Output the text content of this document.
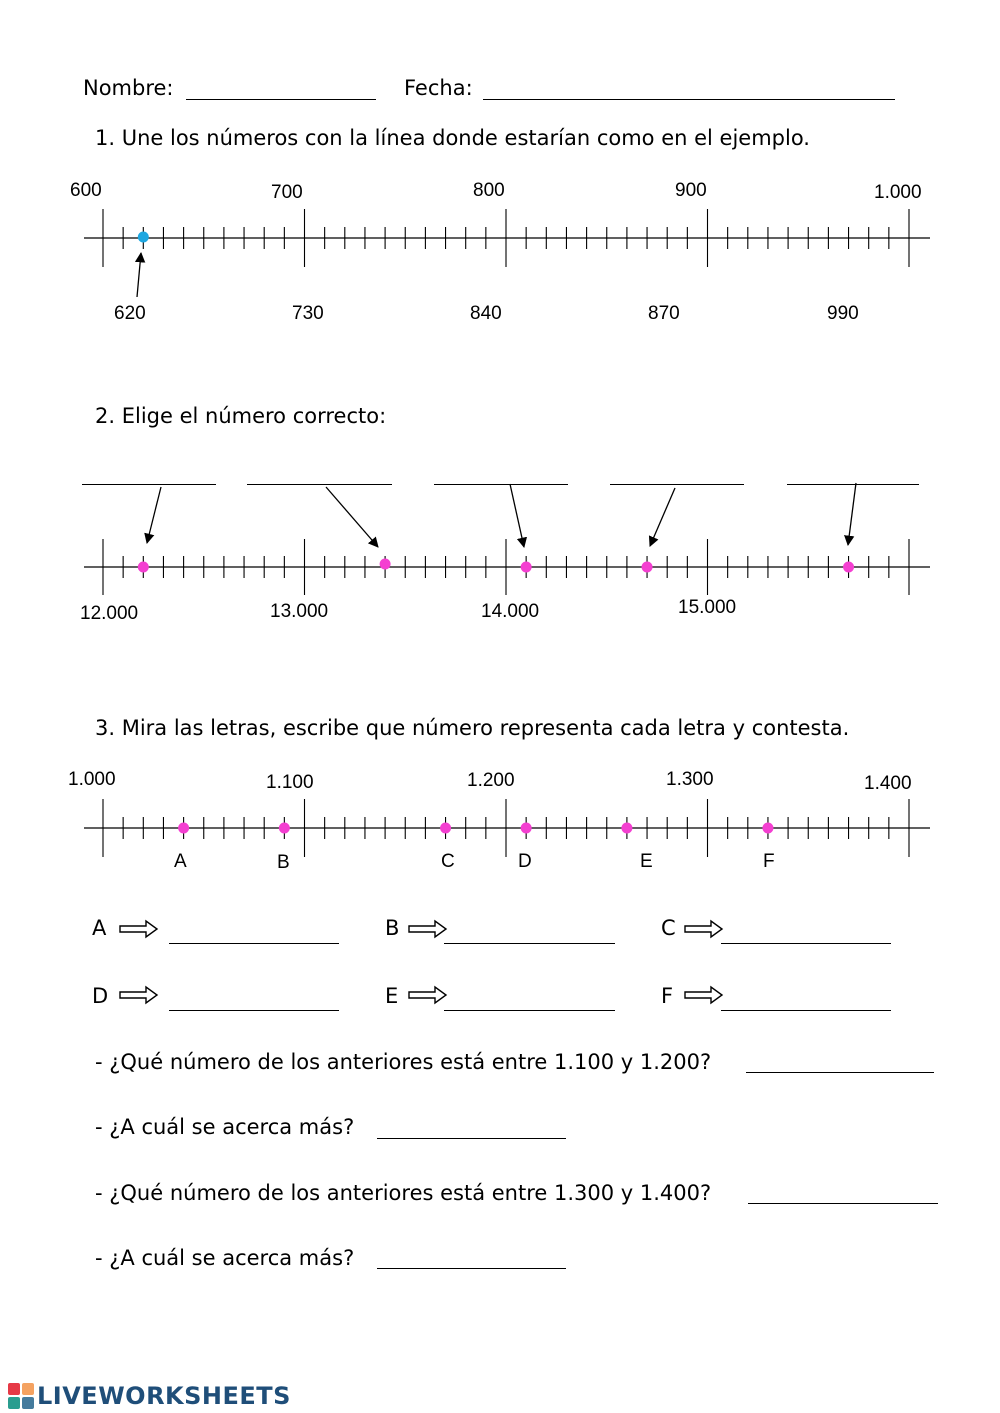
Nombre:	Fecha:
1. Une los números con la línea donde estarían como en el ejemplo.
600	700	800	900	1.000
620	730	840	870	990
2. Elige el número correcto:
12.000	13.000	14.000	15.000
3. Mira las letras, escribe que número representa cada letra y contesta.
1.000	1.100	1.200	1.300	1.400
A	B	C	D	E	F
A	B	C
D	E	F
- ¿Qué número de los anteriores está entre 1.100 y 1.200?
- ¿A cuál se acerca más?
- ¿Qué número de los anteriores está entre 1.300 y 1.400?
- ¿A cuál se acerca más?
LIVEWORKSHEETS
